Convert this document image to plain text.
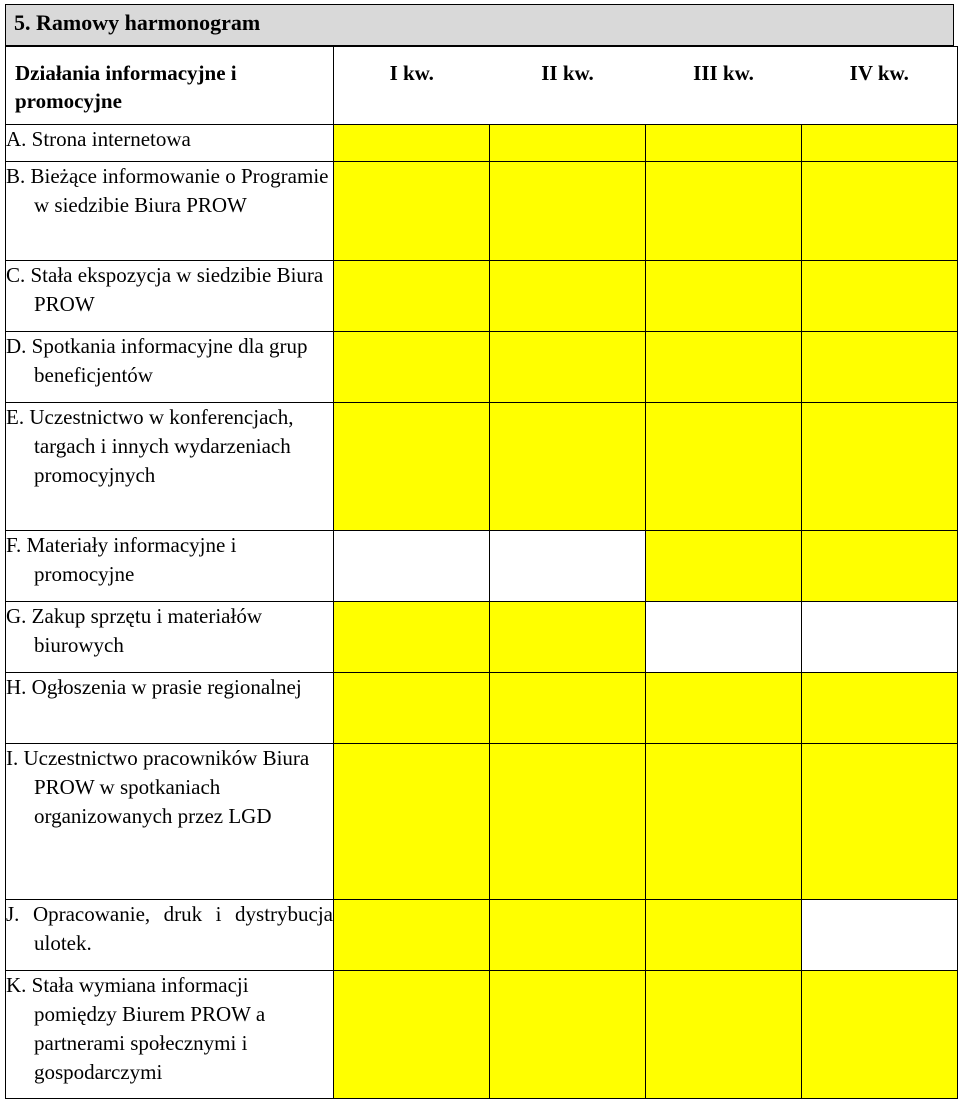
5. Ramowy harmonogram
Działania informacyjne i promocyjne	I kw.	II kw.	III kw.	IV kw.

A. Strona internetowa				

B. Bieżące informowanie o Programie w siedzibie Biura PROW				

C. Stała ekspozycja w siedzibie Biura PROW				

D. Spotkania informacyjne dla grup beneficjentów				

E. Uczestnictwo w konferencjach, targach i innych wydarzeniach promocyjnych				

F. Materiały informacyjne i promocyjne				

G. Zakup sprzętu i materiałów biurowych				

H. Ogłoszenia w prasie regionalnej				

I. Uczestnictwo pracowników Biura PROW w spotkaniach organizowanych przez LGD				

J. Opracowanie, druk i dystrybucja ulotek.				

K. Stała wymiana informacji pomiędzy Biurem PROW a partnerami społecznymi i gospodarczymi				
